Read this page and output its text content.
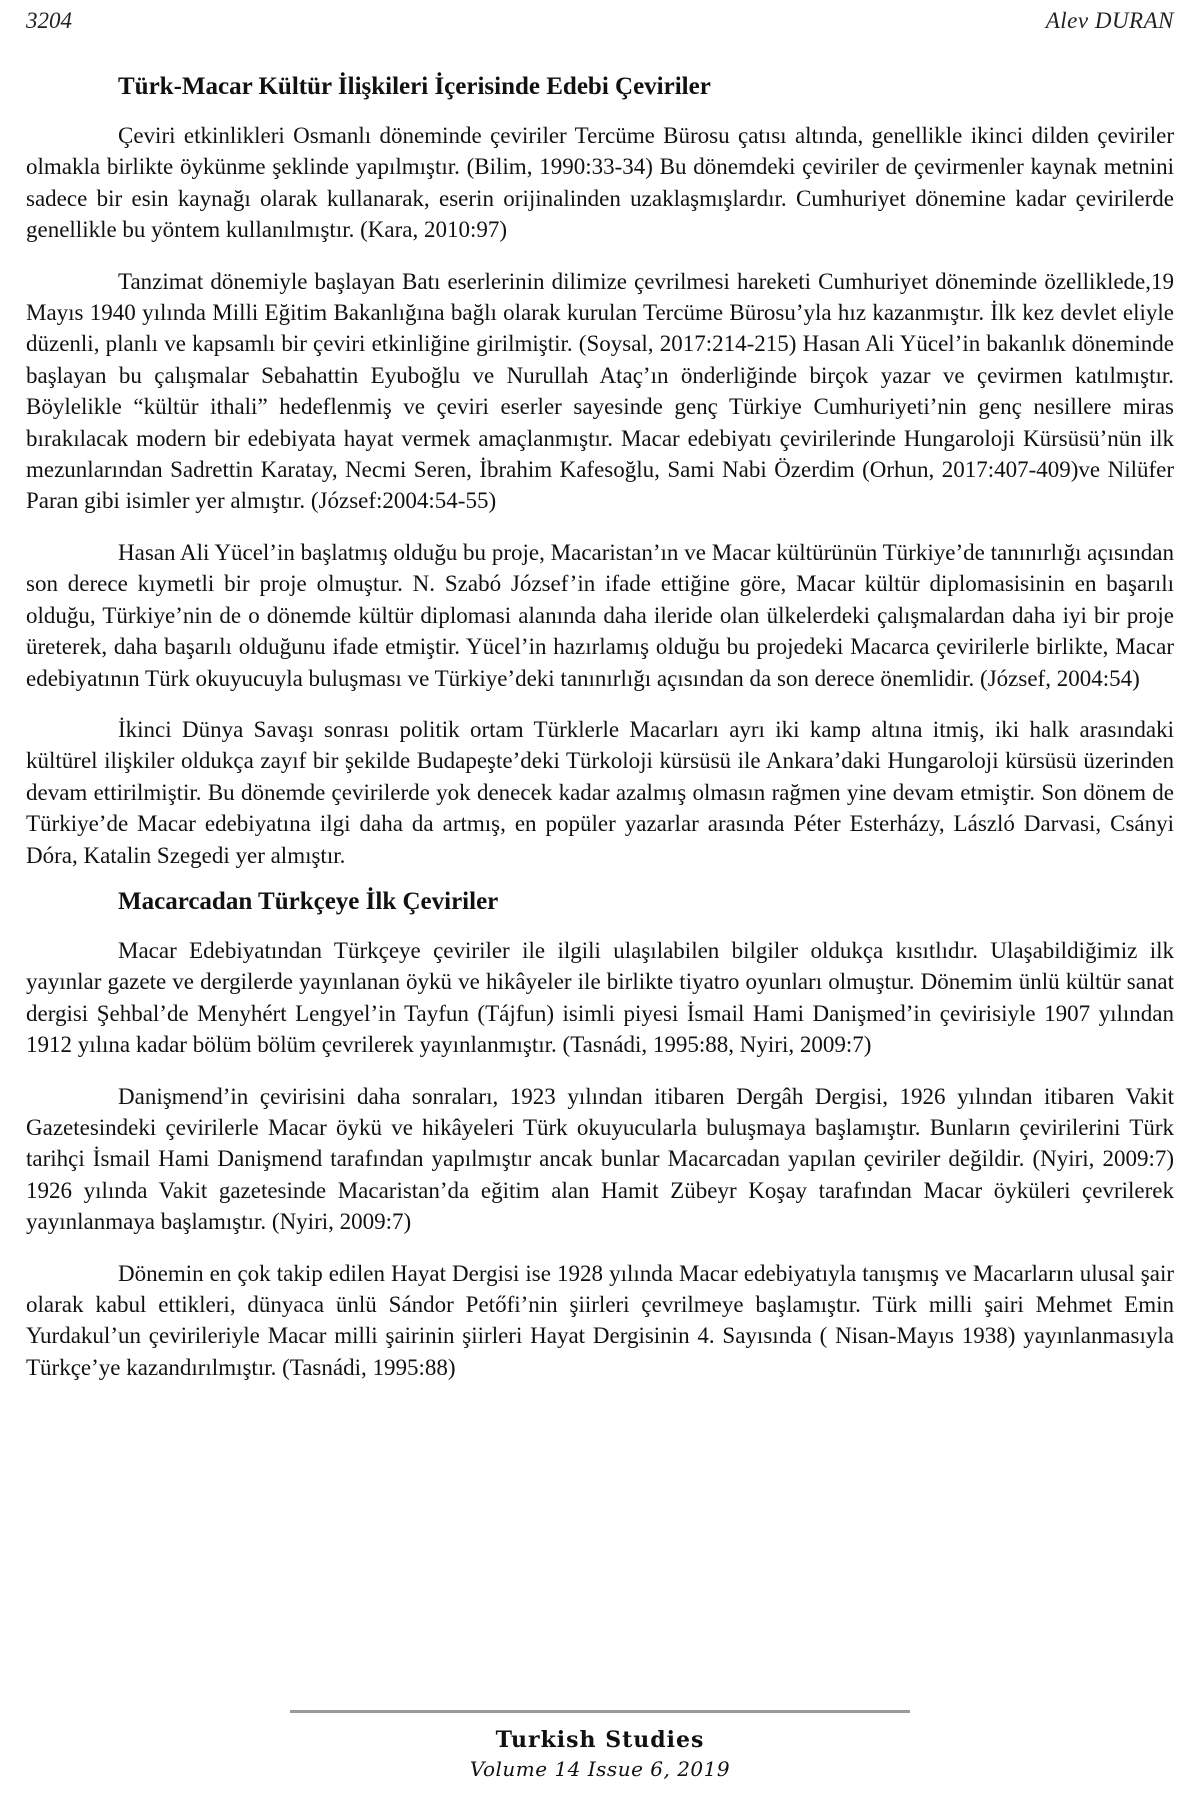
3204	Alev DURAN
Türk-Macar Kültür İlişkileri İçerisinde Edebi Çeviriler

Çeviri etkinlikleri Osmanlı döneminde çeviriler Tercüme Bürosu çatısı altında, genellikle ikinci dilden çeviriler olmakla birlikte öykünme şeklinde yapılmıştır. (Bilim, 1990:33-34) Bu dönemdeki çeviriler de çevirmenler kaynak metnini sadece bir esin kaynağı olarak kullanarak, eserin orijinalinden uzaklaşmışlardır. Cumhuriyet dönemine kadar çevirilerde genellikle bu yöntem kullanılmıştır. (Kara, 2010:97)

Tanzimat dönemiyle başlayan Batı eserlerinin dilimize çevrilmesi hareketi Cumhuriyet döneminde özelliklede,19 Mayıs 1940 yılında Milli Eğitim Bakanlığına bağlı olarak kurulan Tercüme Bürosu’yla hız kazanmıştır. İlk kez devlet eliyle düzenli, planlı ve kapsamlı bir çeviri etkinliğine girilmiştir. (Soysal, 2017:214-215) Hasan Ali Yücel’in bakanlık döneminde başlayan bu çalışmalar Sebahattin Eyuboğlu ve Nurullah Ataç’ın önderliğinde birçok yazar ve çevirmen katılmıştır. Böylelikle “kültür ithali” hedeflenmiş ve çeviri eserler sayesinde genç Türkiye Cumhuriyeti’nin genç nesillere miras bırakılacak modern bir edebiyata hayat vermek amaçlanmıştır. Macar edebiyatı çevirilerinde Hungaroloji Kürsüsü’nün ilk mezunlarından Sadrettin Karatay, Necmi Seren, İbrahim Kafesoğlu, Sami Nabi Özerdim (Orhun, 2017:407-409)ve Nilüfer Paran gibi isimler yer almıştır. (József:2004:54-55)

Hasan Ali Yücel’in başlatmış olduğu bu proje, Macaristan’ın ve Macar kültürünün Türkiye’de tanınırlığı açısından son derece kıymetli bir proje olmuştur. N. Szabó József’in ifade ettiğine göre, Macar kültür diplomasisinin en başarılı olduğu, Türkiye’nin de o dönemde kültür diplomasi alanında daha ileride olan ülkelerdeki çalışmalardan daha iyi bir proje üreterek, daha başarılı olduğunu ifade etmiştir. Yücel’in hazırlamış olduğu bu projedeki Macarca çevirilerle birlikte, Macar edebiyatının Türk okuyucuyla buluşması ve Türkiye’deki tanınırlığı açısından da son derece önemlidir. (József, 2004:54)

İkinci Dünya Savaşı sonrası politik ortam Türklerle Macarları ayrı iki kamp altına itmiş, iki halk arasındaki kültürel ilişkiler oldukça zayıf bir şekilde Budapeşte’deki Türkoloji kürsüsü ile Ankara’daki Hungaroloji kürsüsü üzerinden devam ettirilmiştir. Bu dönemde çevirilerde yok denecek kadar azalmış olmasın rağmen yine devam etmiştir. Son dönem de Türkiye’de Macar edebiyatına ilgi daha da artmış, en popüler yazarlar arasında Péter Esterházy, László Darvasi, Csányi Dóra, Katalin Szegedi yer almıştır.

Macarcadan Türkçeye İlk Çeviriler

Macar Edebiyatından Türkçeye çeviriler ile ilgili ulaşılabilen bilgiler oldukça kısıtlıdır. Ulaşabildiğimiz ilk yayınlar gazete ve dergilerde yayınlanan öykü ve hikâyeler ile birlikte tiyatro oyunları olmuştur. Dönemim ünlü kültür sanat dergisi Şehbal’de Menyhért Lengyel’in Tayfun (Tájfun) isimli piyesi İsmail Hami Danişmed’in çevirisiyle 1907 yılından 1912 yılına kadar bölüm bölüm çevrilerek yayınlanmıştır. (Tasnádi, 1995:88, Nyiri, 2009:7)

Danişmend’in çevirisini daha sonraları, 1923 yılından itibaren Dergâh Dergisi, 1926 yılından itibaren Vakit Gazetesindeki çevirilerle Macar öykü ve hikâyeleri Türk okuyucularla buluşmaya başlamıştır. Bunların çevirilerini Türk tarihçi İsmail Hami Danişmend tarafından yapılmıştır ancak bunlar Macarcadan yapılan çeviriler değildir. (Nyiri, 2009:7) 1926 yılında Vakit gazetesinde Macaristan’da eğitim alan Hamit Zübeyr Koşay tarafından Macar öyküleri çevrilerek yayınlanmaya başlamıştır. (Nyiri, 2009:7)

Dönemin en çok takip edilen Hayat Dergisi ise 1928 yılında Macar edebiyatıyla tanışmış ve Macarların ulusal şair olarak kabul ettikleri, dünyaca ünlü Sándor Petőfi’nin şiirleri çevrilmeye başlamıştır. Türk milli şairi Mehmet Emin Yurdakul’un çevirileriyle Macar milli şairinin şiirleri Hayat Dergisinin 4. Sayısında ( Nisan-Mayıs 1938) yayınlanmasıyla Türkçe’ye kazandırılmıştır. (Tasnádi, 1995:88)

Turkish Studies
Volume 14 Issue 6, 2019
